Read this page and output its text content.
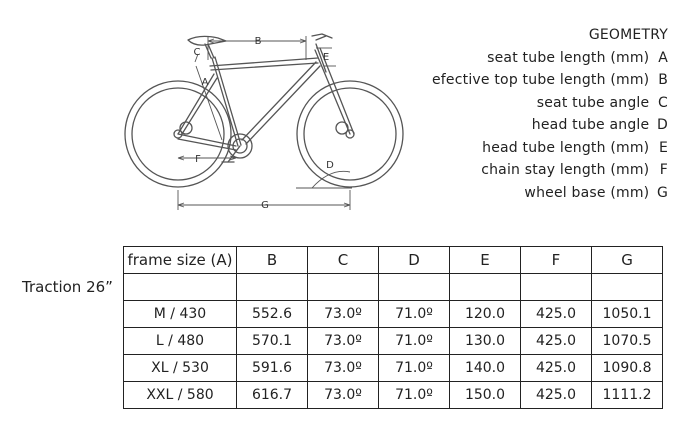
B
C
A
E
F
D
G
GEOMETRY
seat tube length (mm) A
efective top tube length (mm) B
seat tube angle C
head tube angle D
head tube length (mm) E
chain stay length (mm) F
wheel base (mm) G
Traction 26”
frame size (A)	B	C	D	E	F	G

M / 430	552.6	73.0º	71.0º	120.0	425.0	1050.1
L / 480	570.1	73.0º	71.0º	130.0	425.0	1070.5
XL / 530	591.6	73.0º	71.0º	140.0	425.0	1090.8
XXL / 580	616.7	73.0º	71.0º	150.0	425.0	1111.2
